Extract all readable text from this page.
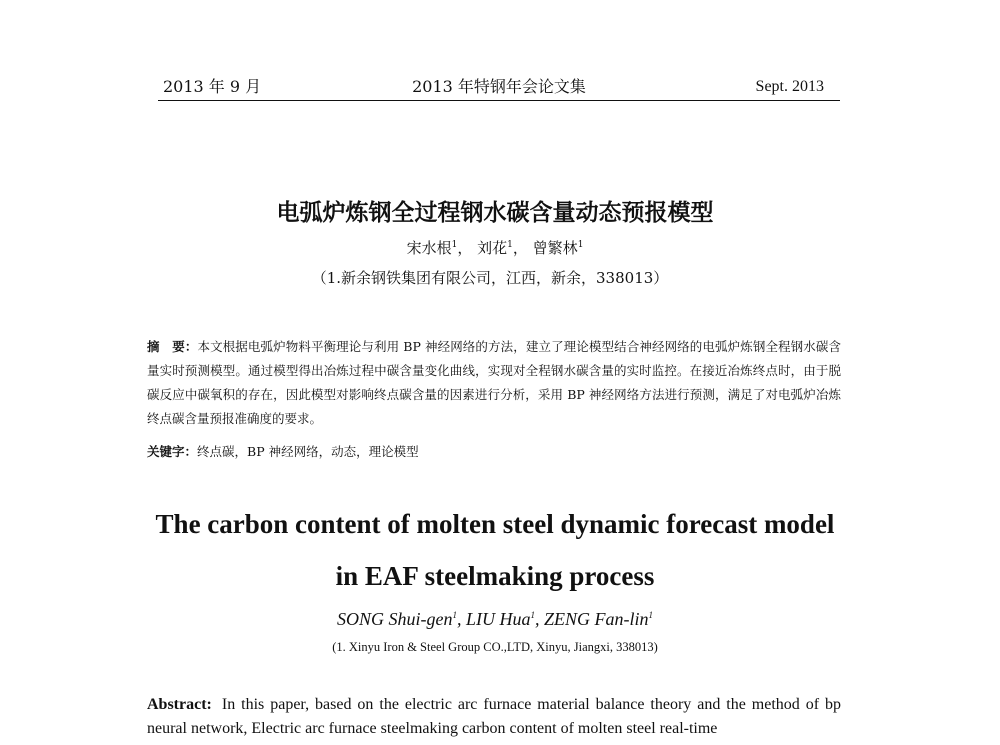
2013 年 9 月	2013 年特钢年会论文集	Sept. 2013
电弧炉炼钢全过程钢水碳含量动态预报模型
宋水根$^1$， 刘花$^1$， 曾繁林$^1$
（1.新余钢铁集团有限公司，江西，新余，338013）
摘　要：本文根据电弧炉物料平衡理论与利用 BP 神经网络的方法，建立了理论模型结合神经网络的电弧炉炼钢全程钢水碳含量实时预测模型。通过模型得出冶炼过程中碳含量变化曲线，实现对全程钢水碳含量的实时监控。在接近冶炼终点时，由于脱碳反应中碳氧积的存在，因此模型对影响终点碳含量的因素进行分析，采用 BP 神经网络方法进行预测，满足了对电弧炉冶炼终点碳含量预报准确度的要求。
关键字：终点碳，BP 神经网络，动态，理论模型
The carbon content of molten steel dynamic forecast model
in EAF steelmaking process
SONG Shui-gen$^1$, LIU Hua$^1$, ZENG Fan-lin$^1$
(1. Xinyu Iron & Steel Group CO.,LTD, Xinyu, Jiangxi, 338013)
Abstract: In this paper, based on the electric arc furnace material balance theory and the method of bp neural network, Electric arc furnace steelmaking carbon content of molten steel real-time
